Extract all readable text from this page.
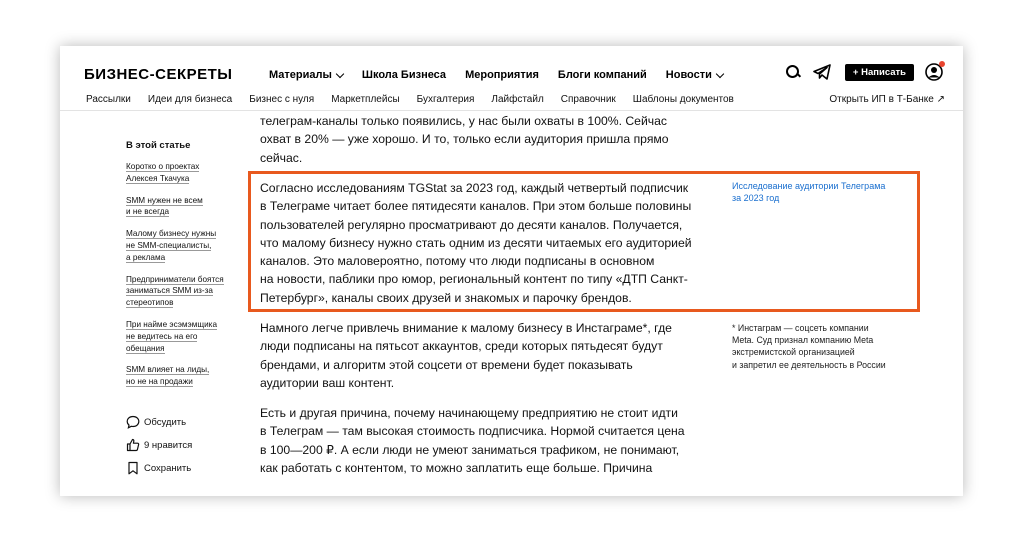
БИЗНЕС-СЕКРЕТЫ	Материалы	Школа Бизнеса Мероприятия Блоги компаний Новости	+ Написать
Рассылки Идеи для бизнеса Бизнес с нуля Маркетплейсы Бухгалтерия Лайфстайл Справочник Шаблоны документов	Открыть ИП в Т-Банке ↗
В этой статье
Коротко о проектах
Алексея Ткачука
SMM нужен не всем
и не всегда
Малому бизнесу нужны
не SMM-специалисты,
а реклама
Предприниматели боятся
заниматься SMM из-за
стереотипов
При найме эсэмэмщика
не ведитесь на его
обещания
SMM влияет на лиды,
но не на продажи
Обсудить
9 нравится
Сохранить
телеграм-каналы только появились, у нас были охваты в 100%. Сейчас
охват в 20% — уже хорошо. И то, только если аудитория пришла прямо
сейчас.
Согласно исследованиям TGStat за 2023 год, каждый четвертый подписчик
в Телеграме читает более пятидесяти каналов. При этом больше половины
пользователей регулярно просматривают до десяти каналов. Получается,
что малому бизнесу нужно стать одним из десяти читаемых его аудиторией
каналов. Это маловероятно, потому что люди подписаны в основном
на новости, паблики про юмор, региональный контент по типу «ДТП Санкт-
Петербург», каналы своих друзей и знакомых и парочку брендов.
Исследование аудитории Телеграма
за 2023 год
Намного легче привлечь внимание к малому бизнесу в Инстаграме*, где
люди подписаны на пятьсот аккаунтов, среди которых пятьдесят будут
брендами, и алгоритм этой соцсети от времени будет показывать
аудитории ваш контент.
* Инстаграм — соцсеть компании
Meta. Суд признал компанию Meta
экстремистской организацией
и запретил ее деятельность в России
Есть и другая причина, почему начинающему предприятию не стоит идти
в Телеграм — там высокая стоимость подписчика. Нормой считается цена
в 100—200 ₽. А если люди не умеют заниматься трафиком, не понимают,
как работать с контентом, то можно заплатить еще больше. Причина
